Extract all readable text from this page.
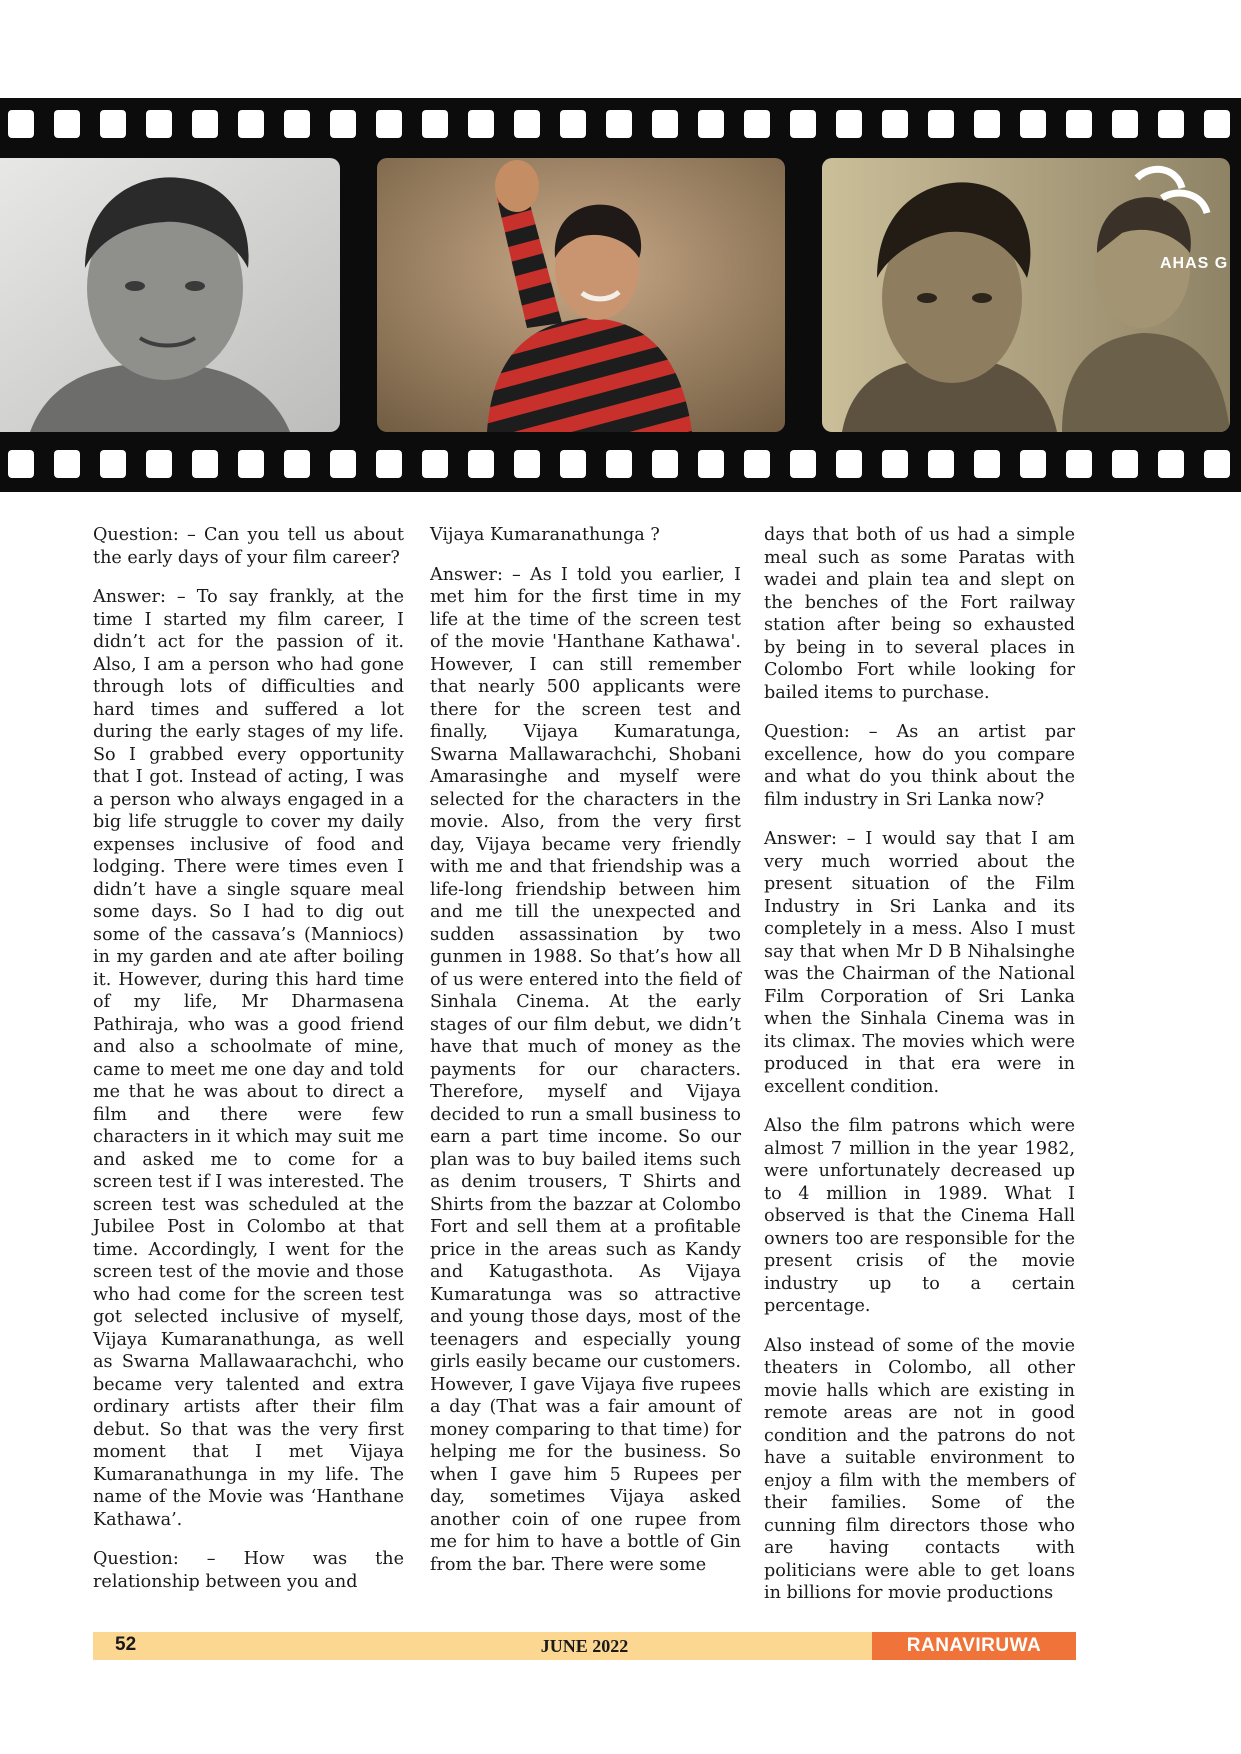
AHAS G

Question: – Can you tell us about the early days of your film career?

Answer: – To say frankly, at the time I started my film career, I didn’t act for the passion of it. Also, I am a person who had gone through lots of difficulties and hard times and suffered a lot during the early stages of my life. So I grabbed every opportunity that I got. Instead of acting, I was a person who always engaged in a big life struggle to cover my daily expenses inclusive of food and lodging. There were times even I didn’t have a single square meal some days. So I had to dig out some of the cassava’s (Manniocs) in my garden and ate after boiling it. However, during this hard time of my life, Mr Dharmasena Pathiraja, who was a good friend and also a schoolmate of mine, came to meet me one day and told me that he was about to direct a film and there were few characters in it which may suit me and asked me to come for a screen test if I was interested. The screen test was scheduled at the Jubilee Post in Colombo at that time. Accordingly, I went for the screen test of the movie and those who had come for the screen test got selected inclusive of myself, Vijaya Kumaranathunga, as well as Swarna Mallawaarachchi, who became very talented and extra ordinary artists after their film debut. So that was the very first moment that I met Vijaya Kumaranathunga in my life. The name of the Movie was ‘Hanthane Kathawa’.

Question: – How was the relationship between you and

Vijaya Kumaranathunga ?

Answer: – As I told you earlier, I met him for the first time in my life at the time of the screen test of the movie 'Hanthane Kathawa'. However, I can still remember that nearly 500 applicants were there for the screen test and finally, Vijaya Kumaratunga, Swarna Mallawarachchi, Shobani Amarasinghe and myself were selected for the characters in the movie. Also, from the very first day, Vijaya became very friendly with me and that friendship was a life-long friendship between him and me till the unexpected and sudden assassination by two gunmen in 1988. So that’s how all of us were entered into the field of Sinhala Cinema. At the early stages of our film debut, we didn’t have that much of money as the payments for our characters. Therefore, myself and Vijaya decided to run a small business to earn a part time income. So our plan was to buy bailed items such as denim trousers, T Shirts and Shirts from the bazzar at Colombo Fort and sell them at a profitable price in the areas such as Kandy and Katugasthota. As Vijaya Kumaratunga was so attractive and young those days, most of the teenagers and especially young girls easily became our customers. However, I gave Vijaya five rupees a day (That was a fair amount of money comparing to that time) for helping me for the business. So when I gave him 5 Rupees per day, sometimes Vijaya asked another coin of one rupee from me for him to have a bottle of Gin from the bar. There were some

days that both of us had a simple meal such as some Paratas with wadei and plain tea and slept on the benches of the Fort railway station after being so exhausted by being in to several places in Colombo Fort while looking for bailed items to purchase.

Question: – As an artist par excellence, how do you compare and what do you think about the film industry in Sri Lanka now?

Answer: – I would say that I am very much worried about the present situation of the Film Industry in Sri Lanka and its completely in a mess. Also I must say that when Mr D B Nihalsinghe was the Chairman of the National Film Corporation of Sri Lanka when the Sinhala Cinema was in its climax. The movies which were produced in that era were in excellent condition.

Also the film patrons which were almost 7 million in the year 1982, were unfortunately decreased up to 4 million in 1989. What I observed is that the Cinema Hall owners too are responsible for the present crisis of the movie industry up to a certain percentage.

Also instead of some of the movie theaters in Colombo, all other movie halls which are existing in remote areas are not in good condition and the patrons do not have a suitable environment to enjoy a film with the members of their families. Some of the cunning film directors those who are having contacts with politicians were able to get loans in billions for movie productions

52	JUNE 2022	RANAVIRUWA
